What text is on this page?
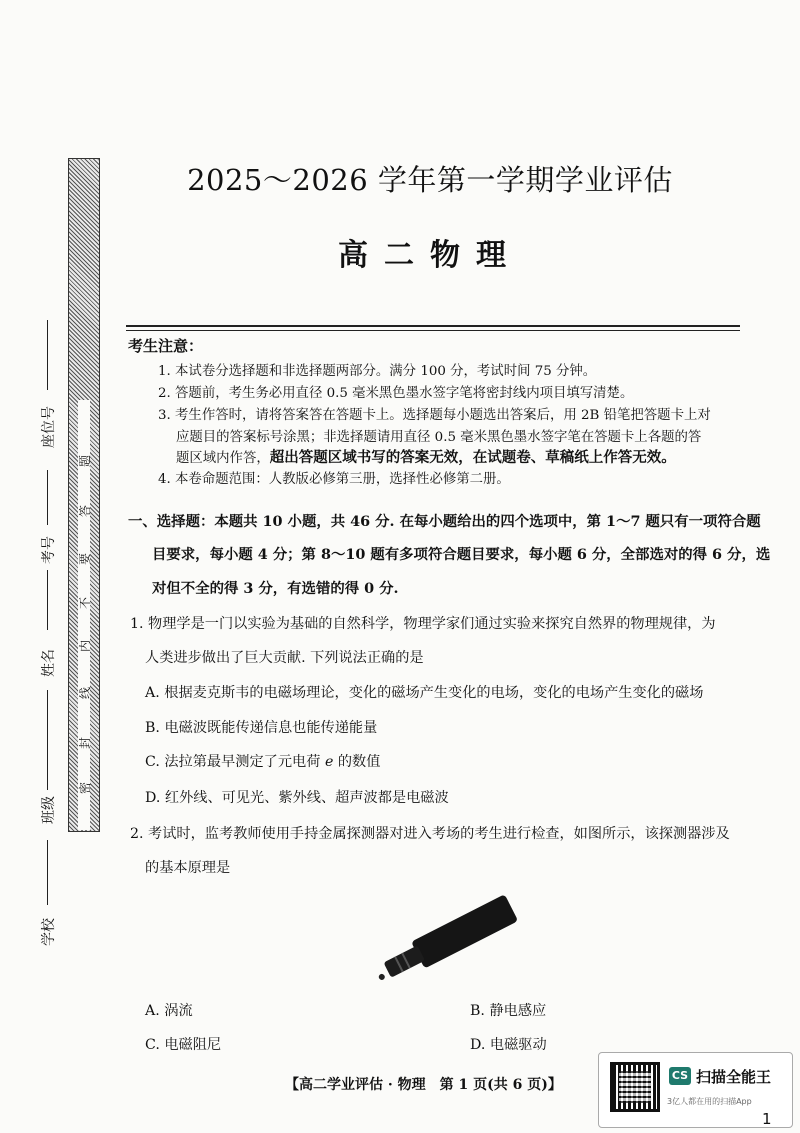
题
答
要
不
内
线
封
密
座位号
考号
姓名
班级
学校
2025～2026 学年第一学期学业评估
高二物理
考生注意：
1. 本试卷分选择题和非选择题两部分。满分 100 分，考试时间 75 分钟。
2. 答题前，考生务必用直径 0.5 毫米黑色墨水签字笔将密封线内项目填写清楚。
3. 考生作答时，请将答案答在答题卡上。选择题每小题选出答案后，用 2B 铅笔把答题卡上对
应题目的答案标号涂黑；非选择题请用直径 0.5 毫米黑色墨水签字笔在答题卡上各题的答
题区域内作答，超出答题区域书写的答案无效，在试题卷、草稿纸上作答无效。
4. 本卷命题范围：人教版必修第三册，选择性必修第二册。
一、选择题：本题共 10 小题，共 46 分. 在每小题给出的四个选项中，第 1～7 题只有一项符合题
目要求，每小题 4 分；第 8～10 题有多项符合题目要求，每小题 6 分，全部选对的得 6 分，选
对但不全的得 3 分，有选错的得 0 分.
1. 物理学是一门以实验为基础的自然科学，物理学家们通过实验来探究自然界的物理规律，为
人类进步做出了巨大贡献. 下列说法正确的是
A. 根据麦克斯韦的电磁场理论，变化的磁场产生变化的电场，变化的电场产生变化的磁场
B. 电磁波既能传递信息也能传递能量
C. 法拉第最早测定了元电荷 e 的数值
D. 红外线、可见光、紫外线、超声波都是电磁波
2. 考试时，监考教师使用手持金属探测器对进入考场的考生进行检查，如图所示，该探测器涉及
的基本原理是
A. 涡流	B. 静电感应
C. 电磁阻尼	D. 电磁驱动
【高二学业评估 · 物理　第 1 页(共 6 页)】
CS 扫描全能王
3亿人都在用的扫描App
1
